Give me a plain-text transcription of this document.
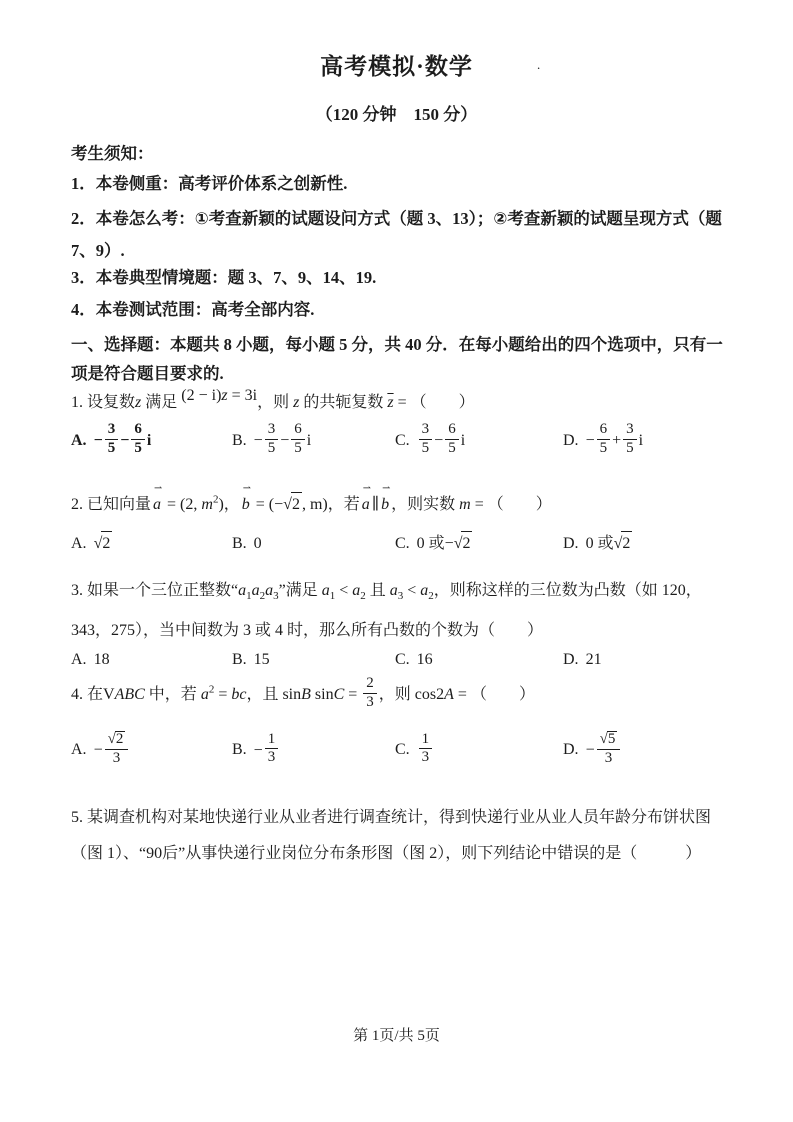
高考模拟·数学	.
（120 分钟　150 分）
考生须知：
1．本卷侧重：高考评价体系之创新性.
2．本卷怎么考：①考查新颖的试题设问方式（题 3、13）；②考查新颖的试题呈现方式（题 7、9）.
3．本卷典型情境题：题 3、7、9、14、19.
4．本卷测试范围：高考全部内容.
一、选择题：本题共 8 小题，每小题 5 分，共 40 分．在每小题给出的四个选项中，只有一项是符合题目要求的.
1. 设复数z 满足 (2 − i)z = 3i，则 z 的共轭复数 $\overline{z}$ = （　　）
A. − $\frac{3}{5} - \frac{6}{5}$ i	B. − $\frac{3}{5} - \frac{6}{5}$ i	C. $\frac{3}{5} - \frac{6}{5}$ i	D. − $\frac{6}{5} + \frac{3}{5}$ i
2. 已知向量
⇀
a = (2, $m^2$)，
⇀
b = (−√2 , m)，若
⇀
a ∥
⇀
b ，则实数 m = （　　）
A. √2	B. 0	C. 0 或−√2	D. 0 或√2
3. 如果一个三位正整数“$a_1a_2a_3$”满足 $a_1 < a_2$ 且 $a_3 < a_2$，则称这样的三位数为凸数（如 120，343，275），当中间数为 3 或 4 时，那么所有凸数的个数为（　　）
A. 18	B. 15	C. 16	D. 21
4. 在VABC 中，若 $a^2$ = bc，且 sinB $\sin C = \frac{2}{3}$ ，则 cos2A = （　　）
A. − $\frac{√2}{3}$	B. − $\frac{1}{3}$	C. $\frac{1}{3}$	D. − $\frac{√5}{3}$
5. 某调查机构对某地快递行业从业者进行调查统计，得到快递行业从业人员年龄分布饼状图（图 1）、“90后”从事快递行业岗位分布条形图（图 2），则下列结论中错误的是（　　　）
第 1页/共 5页
